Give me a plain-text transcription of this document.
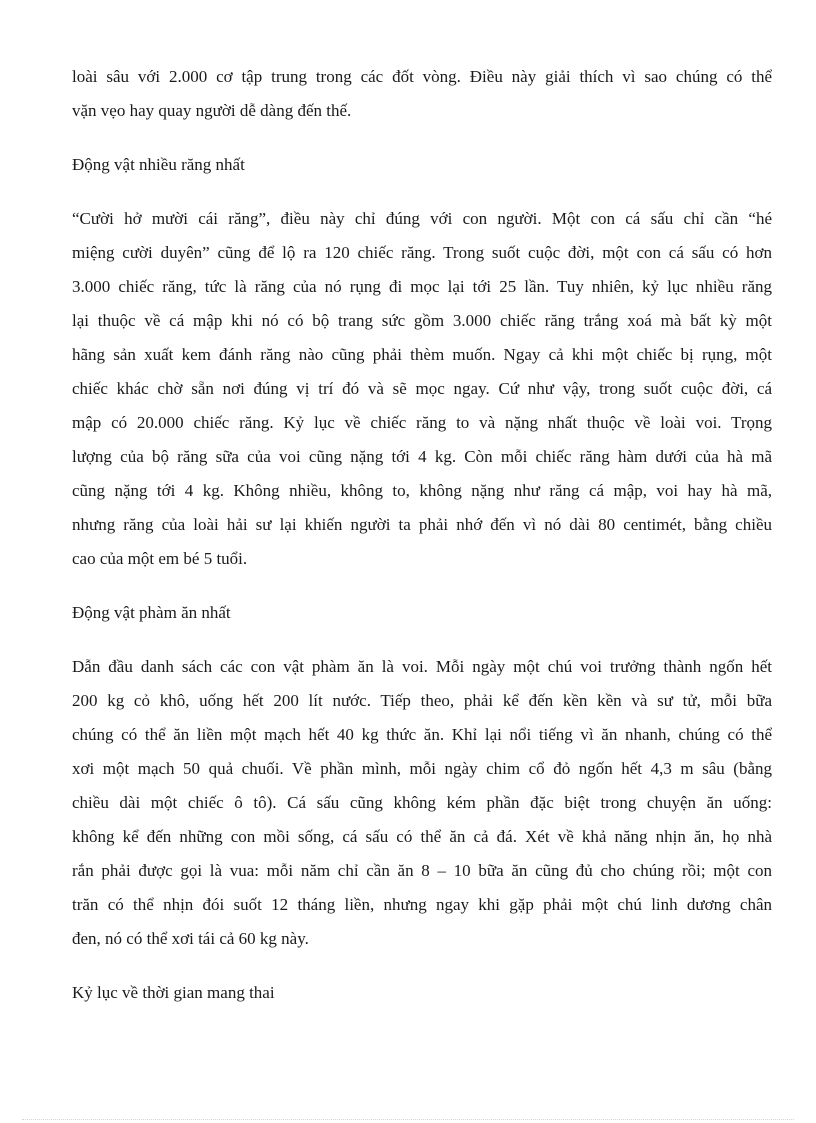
loài sâu với 2.000 cơ tập trung trong các đốt vòng. Điều này giải thích vì sao chúng có thể
vặn vẹo hay quay người dễ dàng đến thế.
Động vật nhiều răng nhất
“Cười hở mười cái răng”, điều này chỉ đúng với con người. Một con cá sấu chỉ cần “hé
miệng cười duyên” cũng để lộ ra 120 chiếc răng. Trong suốt cuộc đời, một con cá sấu có hơn
3.000 chiếc răng, tức là răng của nó rụng đi mọc lại tới 25 lần. Tuy nhiên, kỷ lục nhiều răng
lại thuộc về cá mập khi nó có bộ trang sức gồm 3.000 chiếc răng trắng xoá mà bất kỳ một
hãng sản xuất kem đánh răng nào cũng phải thèm muốn. Ngay cả khi một chiếc bị rụng, một
chiếc khác chờ sẵn nơi đúng vị trí đó và sẽ mọc ngay. Cứ như vậy, trong suốt cuộc đời, cá
mập có 20.000 chiếc răng. Kỷ lục về chiếc răng to và nặng nhất thuộc về loài voi. Trọng
lượng của bộ răng sữa của voi cũng nặng tới 4 kg. Còn mỗi chiếc răng hàm dưới của hà mã
cũng nặng tới 4 kg. Không nhiều, không to, không nặng như răng cá mập, voi hay hà mã,
nhưng răng của loài hải sư lại khiến người ta phải nhớ đến vì nó dài 80 centimét, bằng chiều
cao của một em bé 5 tuổi.
Động vật phàm ăn nhất
Dẫn đầu danh sách các con vật phàm ăn là voi. Mỗi ngày một chú voi trưởng thành ngốn hết
200 kg cỏ khô, uống hết 200 lít nước. Tiếp theo, phải kể đến kền kền và sư tử, mỗi bữa
chúng có thể ăn liền một mạch hết 40 kg thức ăn. Khỉ lại nổi tiếng vì ăn nhanh, chúng có thể
xơi một mạch 50 quả chuối. Về phần mình, mỗi ngày chim cổ đỏ ngốn hết 4,3 m sâu (bằng
chiều dài một chiếc ô tô). Cá sấu cũng không kém phần đặc biệt trong chuyện ăn uống:
không kể đến những con mồi sống, cá sấu có thể ăn cả đá. Xét về khả năng nhịn ăn, họ nhà
rắn phải được gọi là vua: mỗi năm chỉ cần ăn 8 – 10 bữa ăn cũng đủ cho chúng rồi; một con
trăn có thể nhịn đói suốt 12 tháng liền, nhưng ngay khi gặp phải một chú linh dương chân
đen, nó có thể xơi tái cả 60 kg này.
Kỷ lục về thời gian mang thai
